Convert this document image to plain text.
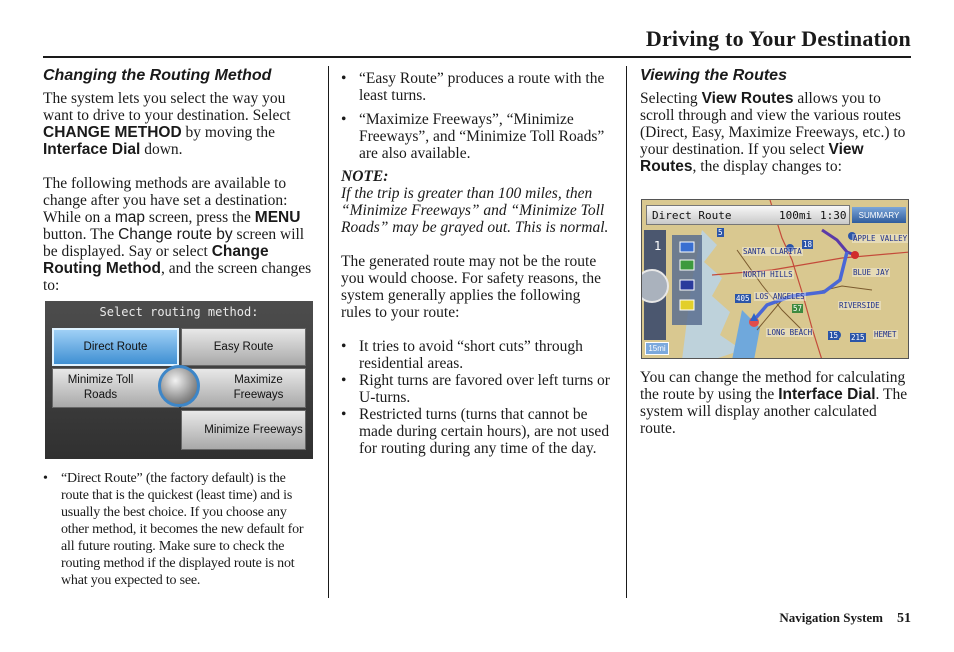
Driving to Your Destination
Changing the Routing Method

The system lets you select the way you want to drive to your destination. Select CHANGE METHOD by moving the Interface Dial down.

The following methods are available to change after you have set a destination: While on a map screen, press the MENU button. The Change route by screen will be displayed. Say or select Change Routing Method, and the screen changes to:

Select routing method:
Direct Route	Easy Route
Minimize Toll Roads
Maximize Freeways
Minimize Freeways
• “Direct Route” (the factory default) is the route that is the quickest (least time) and is usually the best choice. If you choose any other method, it becomes the new default for all future routing. Make sure to check the routing method if the displayed route is not what you expected to see.
• “Easy Route” produces a route with the least turns.
• “Maximize Freeways”, “Minimize Freeways”, and “Minimize Toll Roads” are also available.
NOTE:
If the trip is greater than 100 miles, then “Minimize Freeways” and “Minimize Toll Roads” may be grayed out. This is normal.

The generated route may not be the route you would choose. For safety reasons, the system generally applies the following rules to your route:

• It tries to avoid “short cuts” through residential areas.
• Right turns are favored over left turns or U-turns.
• Restricted turns (turns that cannot be made during certain hours), are not used for routing during any time of the day.
Viewing the Routes

Selecting View Routes allows you to scroll through and view the various routes (Direct, Easy, Maximize Freeways, etc.) to your destination. If you select View Routes, the display changes to:

1
Direct Route	100mi 1:30	SUMMARY
15mi
SANTA CLARITA
APPLE VALLEY
NORTH HILLS	BLUE JAY
LOS ANGELES
RIVERSIDE
LONG BEACH	HEMET
5
18
405
57
15 215

You can change the method for calculating the route by using the Interface Dial. The system will display another calculated route.

Navigation System 51
